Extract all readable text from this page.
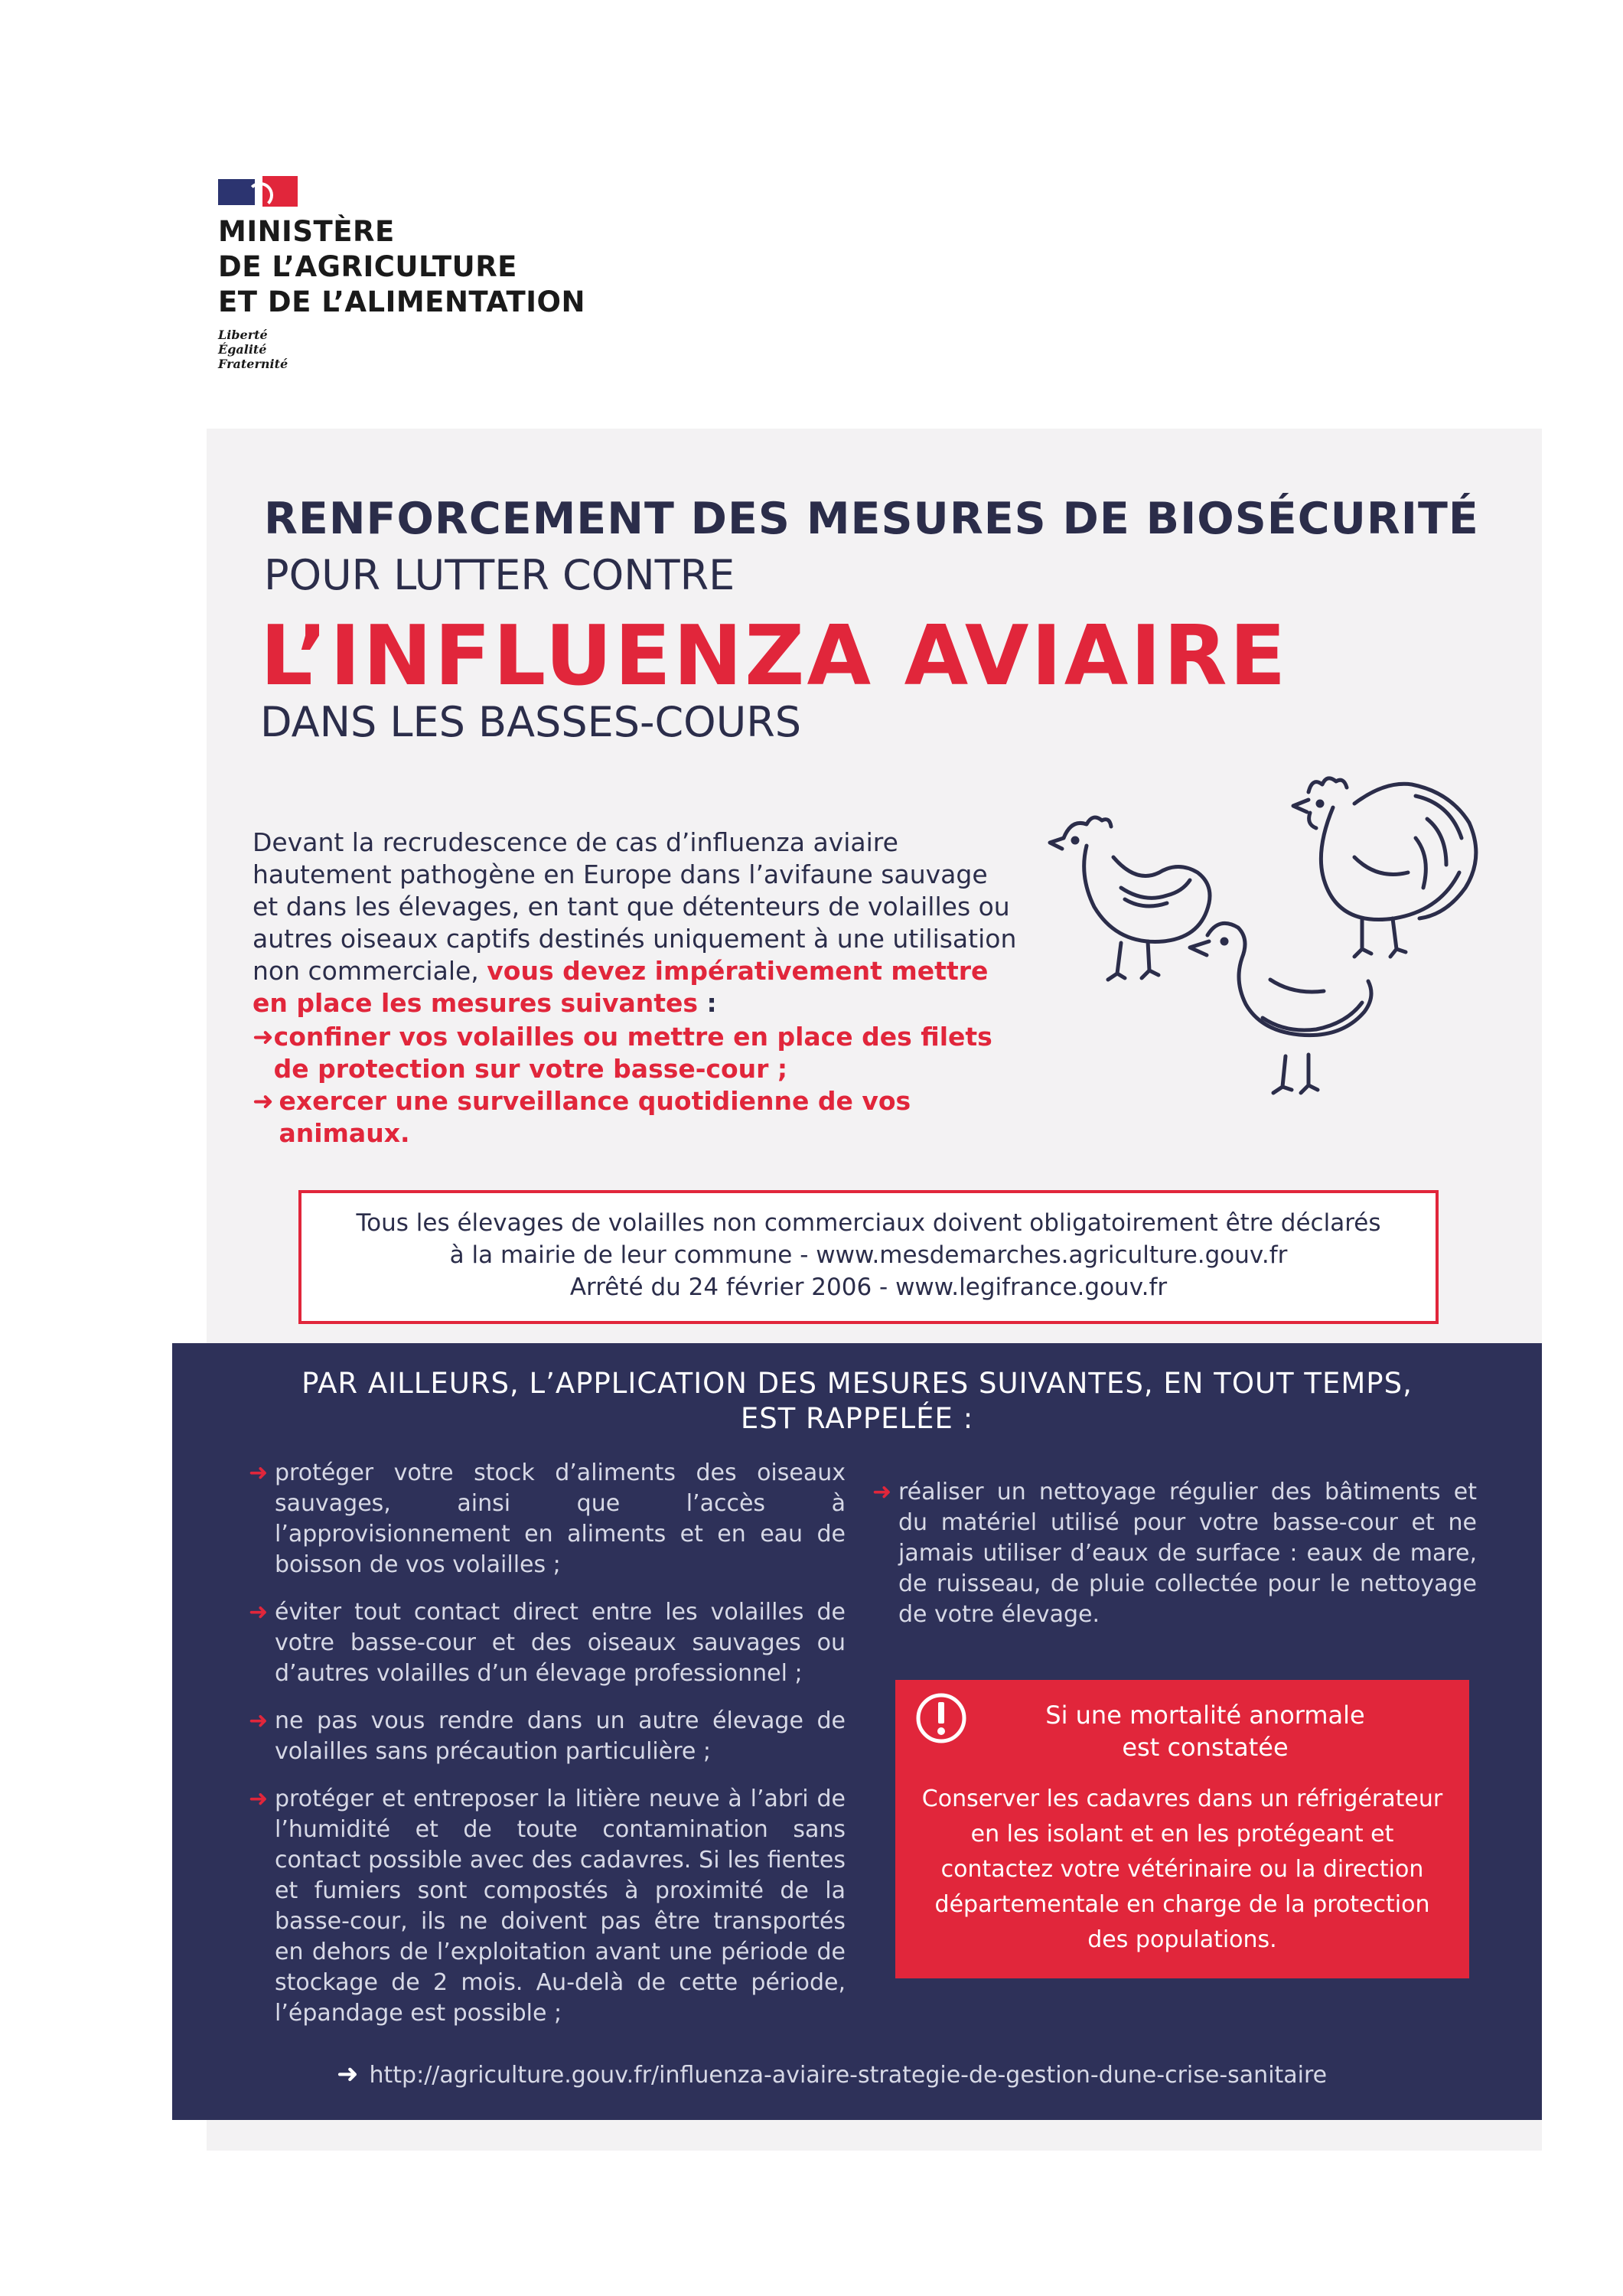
MINISTÈRE
DE L’AGRICULTURE
ET DE L’ALIMENTATION
Liberté
Égalité
Fraternité
RENFORCEMENT DES MESURES DE BIOSÉCURITÉ
POUR LUTTER CONTRE
L’INFLUENZA AVIAIRE
DANS LES BASSES-COURS
Devant la recrudescence de cas d’influenza aviaire hautement pathogène en Europe dans l’avifaune sauvage et dans les élevages, en tant que détenteurs de volailles ou autres oiseaux captifs destinés uniquement à une utilisation non commerciale, vous devez impérativement mettre en place les mesures suivantes :
➜ confiner vos volailles ou mettre en place des filets de protection sur votre basse-cour ;
➜ exercer une surveillance quotidienne de vos animaux.
Tous les élevages de volailles non commerciaux doivent obligatoirement être déclarés
à la mairie de leur commune - www.mesdemarches.agriculture.gouv.fr
Arrêté du 24 février 2006 - www.legifrance.gouv.fr
PAR AILLEURS, L’APPLICATION DES MESURES SUIVANTES, EN TOUT TEMPS,
EST RAPPELÉE :
➜ protéger votre stock d’aliments des oiseaux sauvages, ainsi que l’accès à l’approvisionnement en aliments et en eau de boisson de vos volailles ;
➜ éviter tout contact direct entre les volailles de votre basse-cour et des oiseaux sauvages ou d’autres volailles d’un élevage professionnel ;
➜ ne pas vous rendre dans un autre élevage de volailles sans précaution particulière ;
➜ protéger et entreposer la litière neuve à l’abri de l’humidité et de toute contamination sans contact possible avec des cadavres. Si les fientes et fumiers sont compostés à proximité de la basse-cour, ils ne doivent pas être transportés en dehors de l’exploitation avant une période de stockage de 2 mois. Au-delà de cette période, l’épandage est possible ;
➜ réaliser un nettoyage régulier des bâtiments et du matériel utilisé pour votre basse-cour et ne jamais utiliser d’eaux de surface : eaux de mare, de ruisseau, de pluie collectée pour le nettoyage de votre élevage.
Si une mortalité anormale
est constatée
Conserver les cadavres dans un réfrigérateur en les isolant et en les protégeant et contactez votre vétérinaire ou la direction départementale en charge de la protection des populations.
➜ http://agriculture.gouv.fr/influenza-aviaire-strategie-de-gestion-dune-crise-sanitaire
